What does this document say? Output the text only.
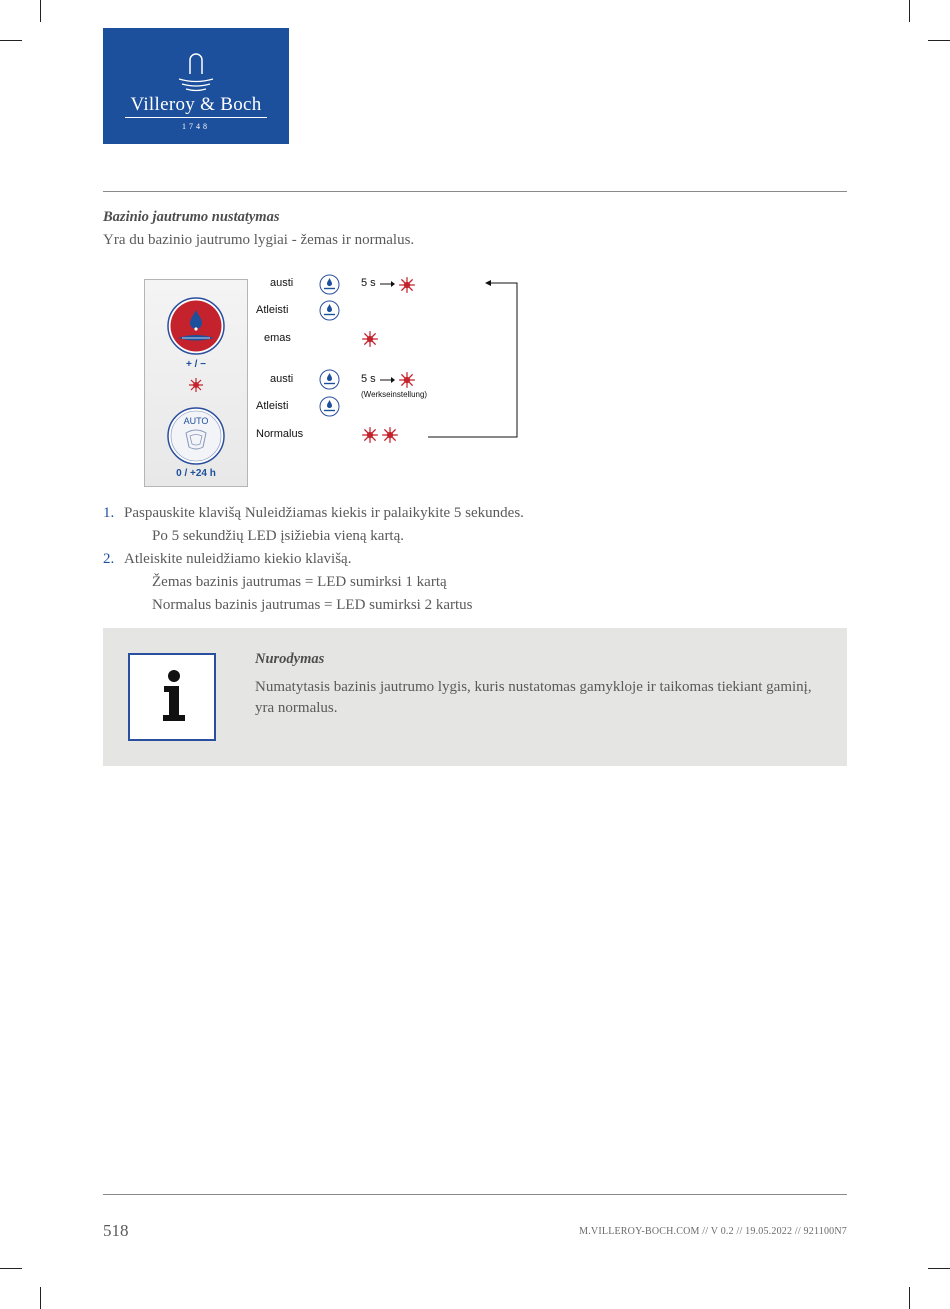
Villeroy & Boch
1748
Bazinio jautrumo nustatymas
Yra du bazinio jautrumo lygiai - žemas ir normalus.
+ / −
AUTO
0 / +24 h
austi	5 s
Atleisti
emas
austi	5 s
(Werkseinstellung)
Atleisti
Normalus
1. Paspauskite klavišą Nuleidžiamas kiekis ir palaikykite 5 sekundes.
Po 5 sekundžių LED įsižiebia vieną kartą.
2. Atleiskite nuleidžiamo kiekio klavišą.
Žemas bazinis jautrumas = LED sumirksi 1 kartą
Normalus bazinis jautrumas = LED sumirksi 2 kartus
Nurodymas
Numatytasis bazinis jautrumo lygis, kuris nustatomas gamykloje ir taikomas tiekiant gaminį, yra normalus.
518	M.VILLEROY-BOCH.COM // V 0.2 // 19.05.2022 // 921100N7
